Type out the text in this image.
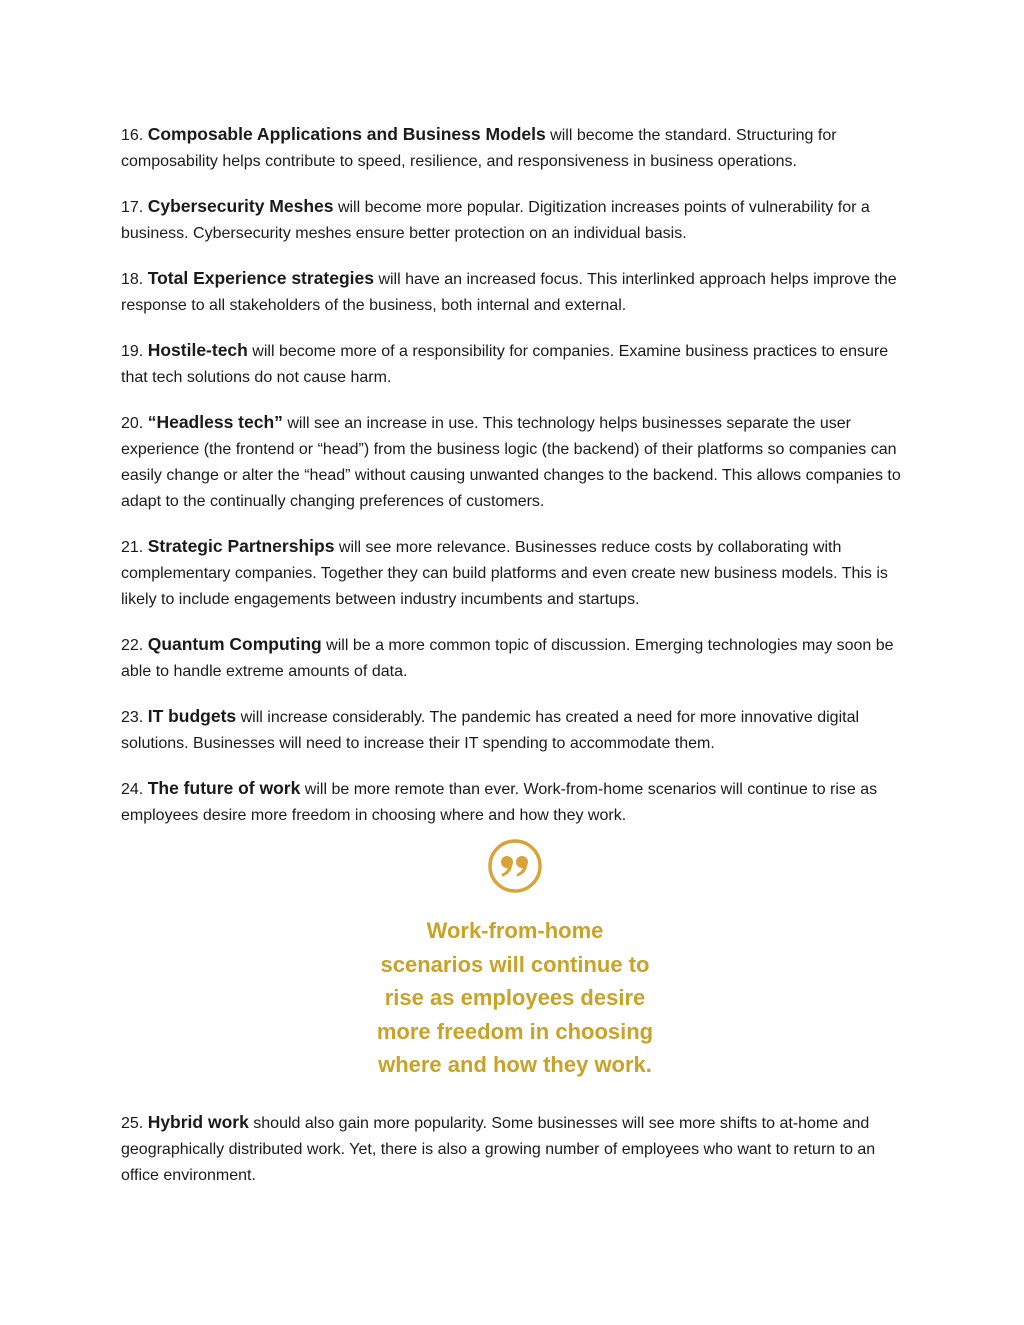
16. Composable Applications and Business Models will become the standard. Structuring for composability helps contribute to speed, resilience, and responsiveness in business operations.

17. Cybersecurity Meshes will become more popular. Digitization increases points of vulnerability for a business. Cybersecurity meshes ensure better protection on an individual basis.

18. Total Experience strategies will have an increased focus. This interlinked approach helps improve the response to all stakeholders of the business, both internal and external.

19. Hostile-tech will become more of a responsibility for companies. Examine business practices to ensure that tech solutions do not cause harm.

20. “Headless tech” will see an increase in use. This technology helps businesses separate the user experience (the frontend or “head”) from the business logic (the backend) of their platforms so companies can easily change or alter the “head” without causing unwanted changes to the backend. This allows companies to adapt to the continually changing preferences of customers.

21. Strategic Partnerships will see more relevance. Businesses reduce costs by collaborating with complementary companies. Together they can build platforms and even create new business models. This is likely to include engagements between industry incumbents and startups.

22. Quantum Computing will be a more common topic of discussion. Emerging technologies may soon be able to handle extreme amounts of data.

23. IT budgets will increase considerably. The pandemic has created a need for more innovative digital solutions. Businesses will need to increase their IT spending to accommodate them.

24. The future of work will be more remote than ever. Work-from-home scenarios will continue to rise as employees desire more freedom in choosing where and how they work.

Work-from-home
scenarios will continue to
rise as employees desire
more freedom in choosing
where and how they work.

25. Hybrid work should also gain more popularity. Some businesses will see more shifts to at-home and geographically distributed work. Yet, there is also a growing number of employees who want to return to an office environment.
